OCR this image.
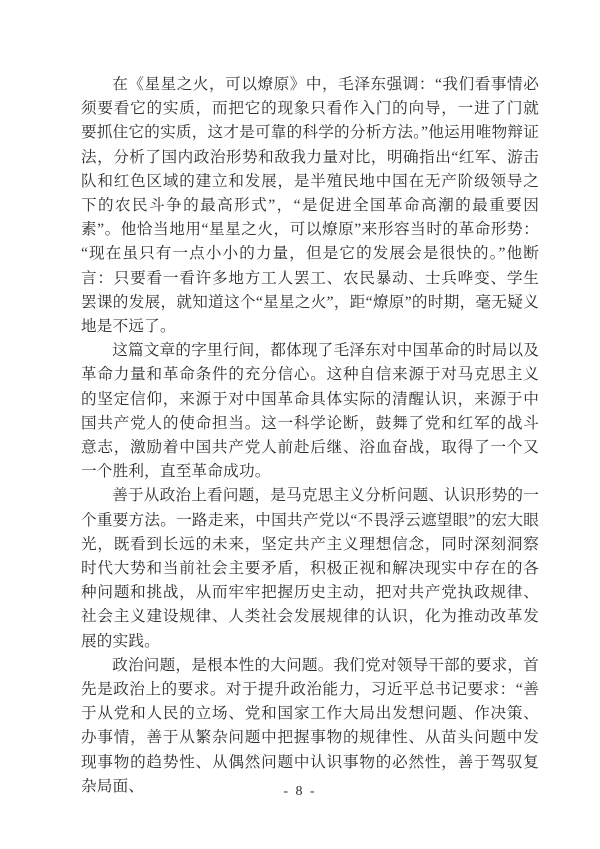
在《星星之火，可以燎原》中，毛泽东强调：“我们看事情必须要看它的实质，而把它的现象只看作入门的向导，一进了门就要抓住它的实质，这才是可靠的科学的分析方法。”他运用唯物辩证法，分析了国内政治形势和敌我力量对比，明确指出“红军、游击队和红色区域的建立和发展，是半殖民地中国在无产阶级领导之下的农民斗争的最高形式”，“是促进全国革命高潮的最重要因素”。他恰当地用“星星之火，可以燎原”来形容当时的革命形势：“现在虽只有一点小小的力量，但是它的发展会是很快的。”他断言：只要看一看许多地方工人罢工、农民暴动、士兵哗变、学生罢课的发展，就知道这个“星星之火”，距“燎原”的时期，毫无疑义地是不远了。

这篇文章的字里行间，都体现了毛泽东对中国革命的时局以及革命力量和革命条件的充分信心。这种自信来源于对马克思主义的坚定信仰，来源于对中国革命具体实际的清醒认识，来源于中国共产党人的使命担当。这一科学论断，鼓舞了党和红军的战斗意志，激励着中国共产党人前赴后继、浴血奋战，取得了一个又一个胜利，直至革命成功。

善于从政治上看问题，是马克思主义分析问题、认识形势的一个重要方法。一路走来，中国共产党以“不畏浮云遮望眼”的宏大眼光，既看到长远的未来，坚定共产主义理想信念，同时深刻洞察时代大势和当前社会主要矛盾，积极正视和解决现实中存在的各种问题和挑战，从而牢牢把握历史主动，把对共产党执政规律、社会主义建设规律、人类社会发展规律的认识，化为推动改革发展的实践。

政治问题，是根本性的大问题。我们党对领导干部的要求，首先是政治上的要求。对于提升政治能力，习近平总书记要求：“善于从党和人民的立场、党和国家工作大局出发想问题、作决策、办事情，善于从繁杂问题中把握事物的规律性、从苗头问题中发现事物的趋势性、从偶然问题中认识事物的必然性，善于驾驭复杂局面、	- 8 -
